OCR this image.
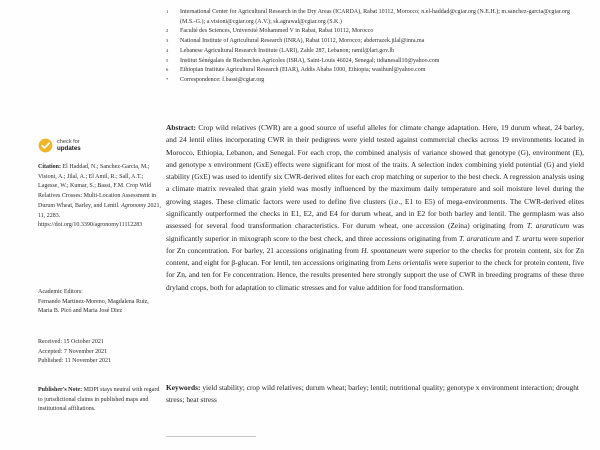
check for
updates
Citation: El Haddad, N.; Sanchez-Garcia, M.; Visioni, A.; Jilal, A.; El Amil, R.; Sall, A.T.; Lagesse, W.; Kumar, S.; Bassi, F.M. Crop Wild Relatives Crosses: Multi-Location Assessment in Durum Wheat, Barley, and Lentil. Agronomy 2021, 11, 2283. https://doi.org/10.3390/agronomy11112283
Academic Editors:
Fernando Martinez-Moreno, Magdalena Ruiz, Maria B. Picó and Maria José Diez
Received: 15 October 2021
Accepted: 7 November 2021
Published: 11 November 2021
Publisher's Note: MDPI stays neutral with regard to jurisdictional claims in published maps and institutional affiliations.
1	International Center for Agricultural Research in the Dry Areas (ICARDA), Rabat 10112, Morocco; n.el-haddad@cgiar.org (N.E.H.); m.sanchez-garcia@cgiar.org (M.S.-G.); a.visioni@cgiar.org (A.V.); sk.agrawal@cgiar.org (S.K.)
2	Faculté des Sciences, Université Mohammed V in Rabat, Rabat 10112, Morocco
3	National Institute of Agricultural Research (INRA), Rabat 10112, Morocco; abderrazek.jilal@inra.ma
4	Lebanese Agricultural Research Institute (LARI), Zahle 287, Lebanon; ramil@lari.gov.lb
5	Institut Sénégalais de Recherches Agricoles (ISRA), Saint-Louis 46024, Senegal; tidianesall10@yahoo.com
6	Ethiopian Institute Agricultural Research (EIAR), Addis Ababa 1000, Ethiopia; wasihunl@yahoo.com
*	Correspondence: f.bassi@cgiar.org
Abstract: Crop wild relatives (CWR) are a good source of useful alleles for climate change adaptation. Here, 19 durum wheat, 24 barley, and 24 lentil elites incorporating CWR in their pedigrees were yield tested against commercial checks across 19 environments located in Morocco, Ethiopia, Lebanon, and Senegal. For each crop, the combined analysis of variance showed that genotype (G), environment (E), and genotype x environment (GxE) effects were significant for most of the traits. A selection index combining yield potential (G) and yield stability (GxE) was used to identify six CWR-derived elites for each crop matching or superior to the best check. A regression analysis using a climate matrix revealed that grain yield was mostly influenced by the maximum daily temperature and soil moisture level during the growing stages. These climatic factors were used to define five clusters (i.e., E1 to E5) of mega-environments. The CWR-derived elites significantly outperformed the checks in E1, E2, and E4 for durum wheat, and in E2 for both barley and lentil. The germplasm was also assessed for several food transformation characteristics. For durum wheat, one accession (Zeina) originating from T. araraticum was significantly superior in mixograph score to the best check, and three accessions originating from T. araraticum and T. urartu were superior for Zn concentration. For barley, 21 accessions originating from H. spontaneum were superior to the checks for protein content, six for Zn content, and eight for β-glucan. For lentil, ten accessions originating from Lens orientalis were superior to the check for protein content, five for Zn, and ten for Fe concentration. Hence, the results presented here strongly support the use of CWR in breeding programs of these three dryland crops, both for adaptation to climatic stresses and for value addition for food transformation.
Keywords: yield stability; crop wild relatives; durum wheat; barley; lentil; nutritional quality; genotype x environment interaction; drought stress; heat stress
